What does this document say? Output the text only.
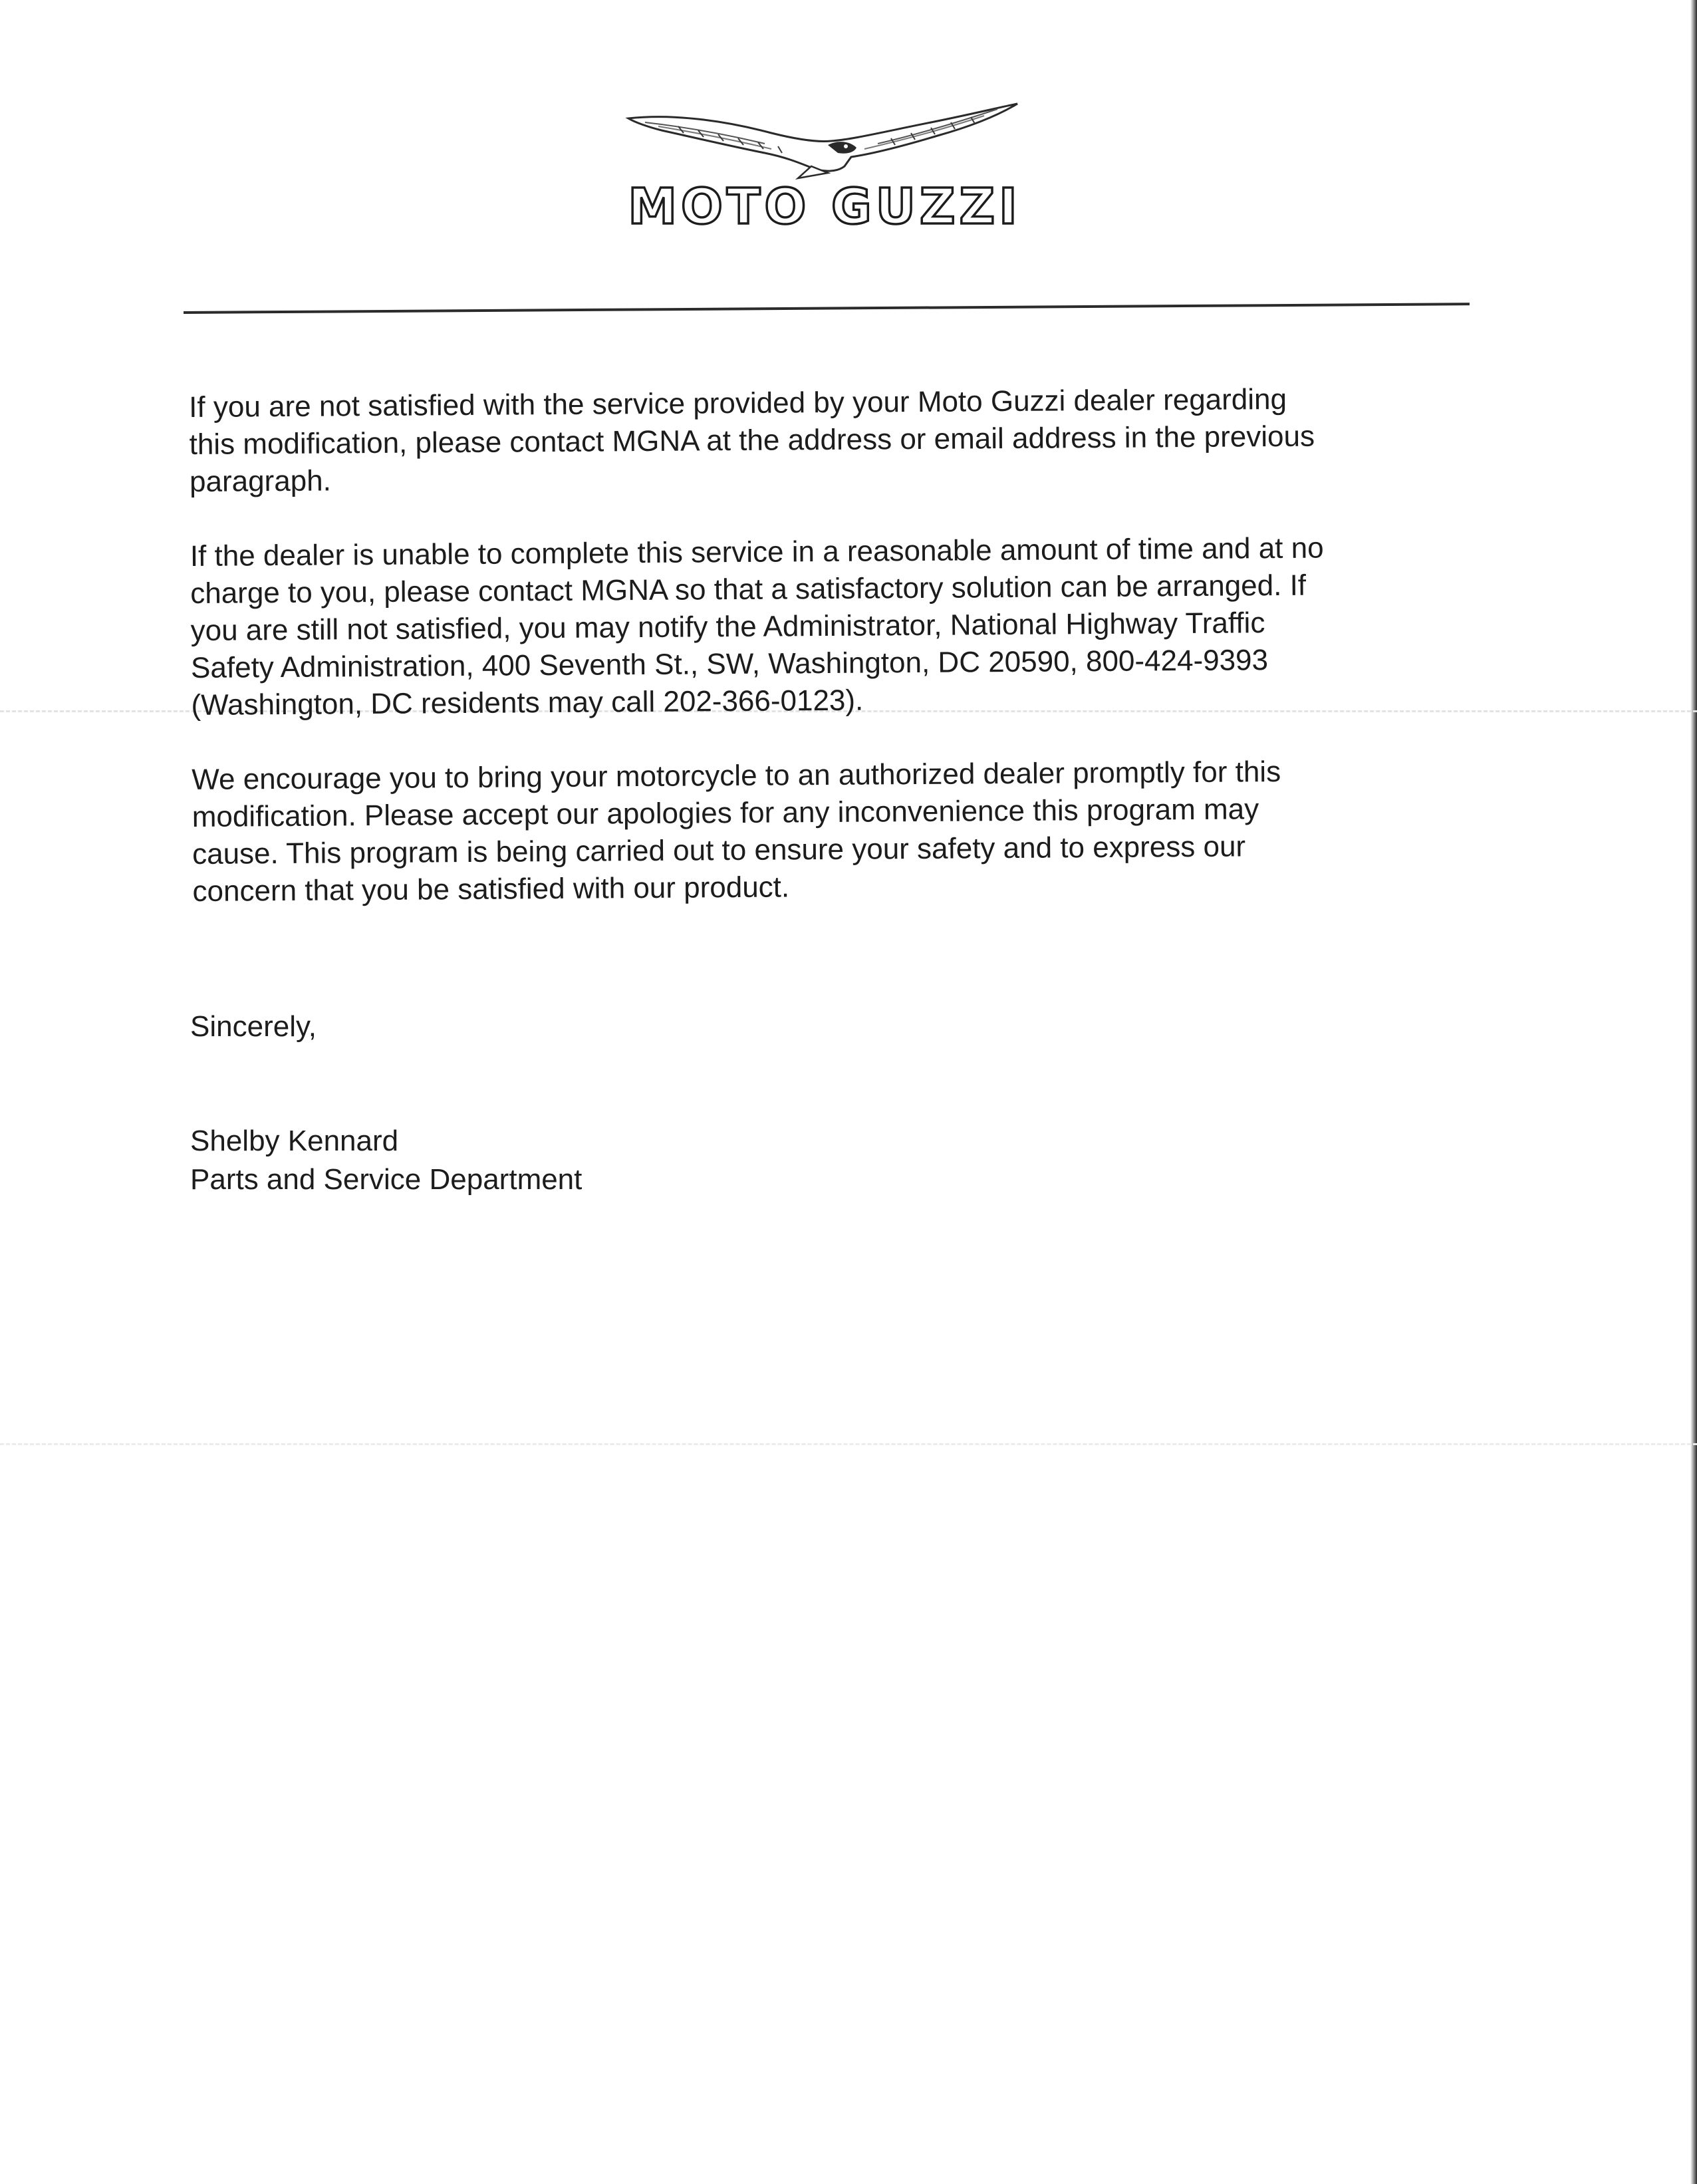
MOTO GUZZI

If you are not satisfied with the service provided by your Moto Guzzi dealer regarding
this modification, please contact MGNA at the address or email address in the previous
paragraph.

If the dealer is unable to complete this service in a reasonable amount of time and at no
charge to you, please contact MGNA so that a satisfactory solution can be arranged. If
you are still not satisfied, you may notify the Administrator, National Highway Traffic
Safety Administration, 400 Seventh St., SW, Washington, DC 20590, 800-424-9393
(Washington, DC residents may call 202-366-0123).

We encourage you to bring your motorcycle to an authorized dealer promptly for this
modification. Please accept our apologies for any inconvenience this program may
cause. This program is being carried out to ensure your safety and to express our
concern that you be satisfied with our product.

Sincerely,
Shelby Kennard
Parts and Service Department
